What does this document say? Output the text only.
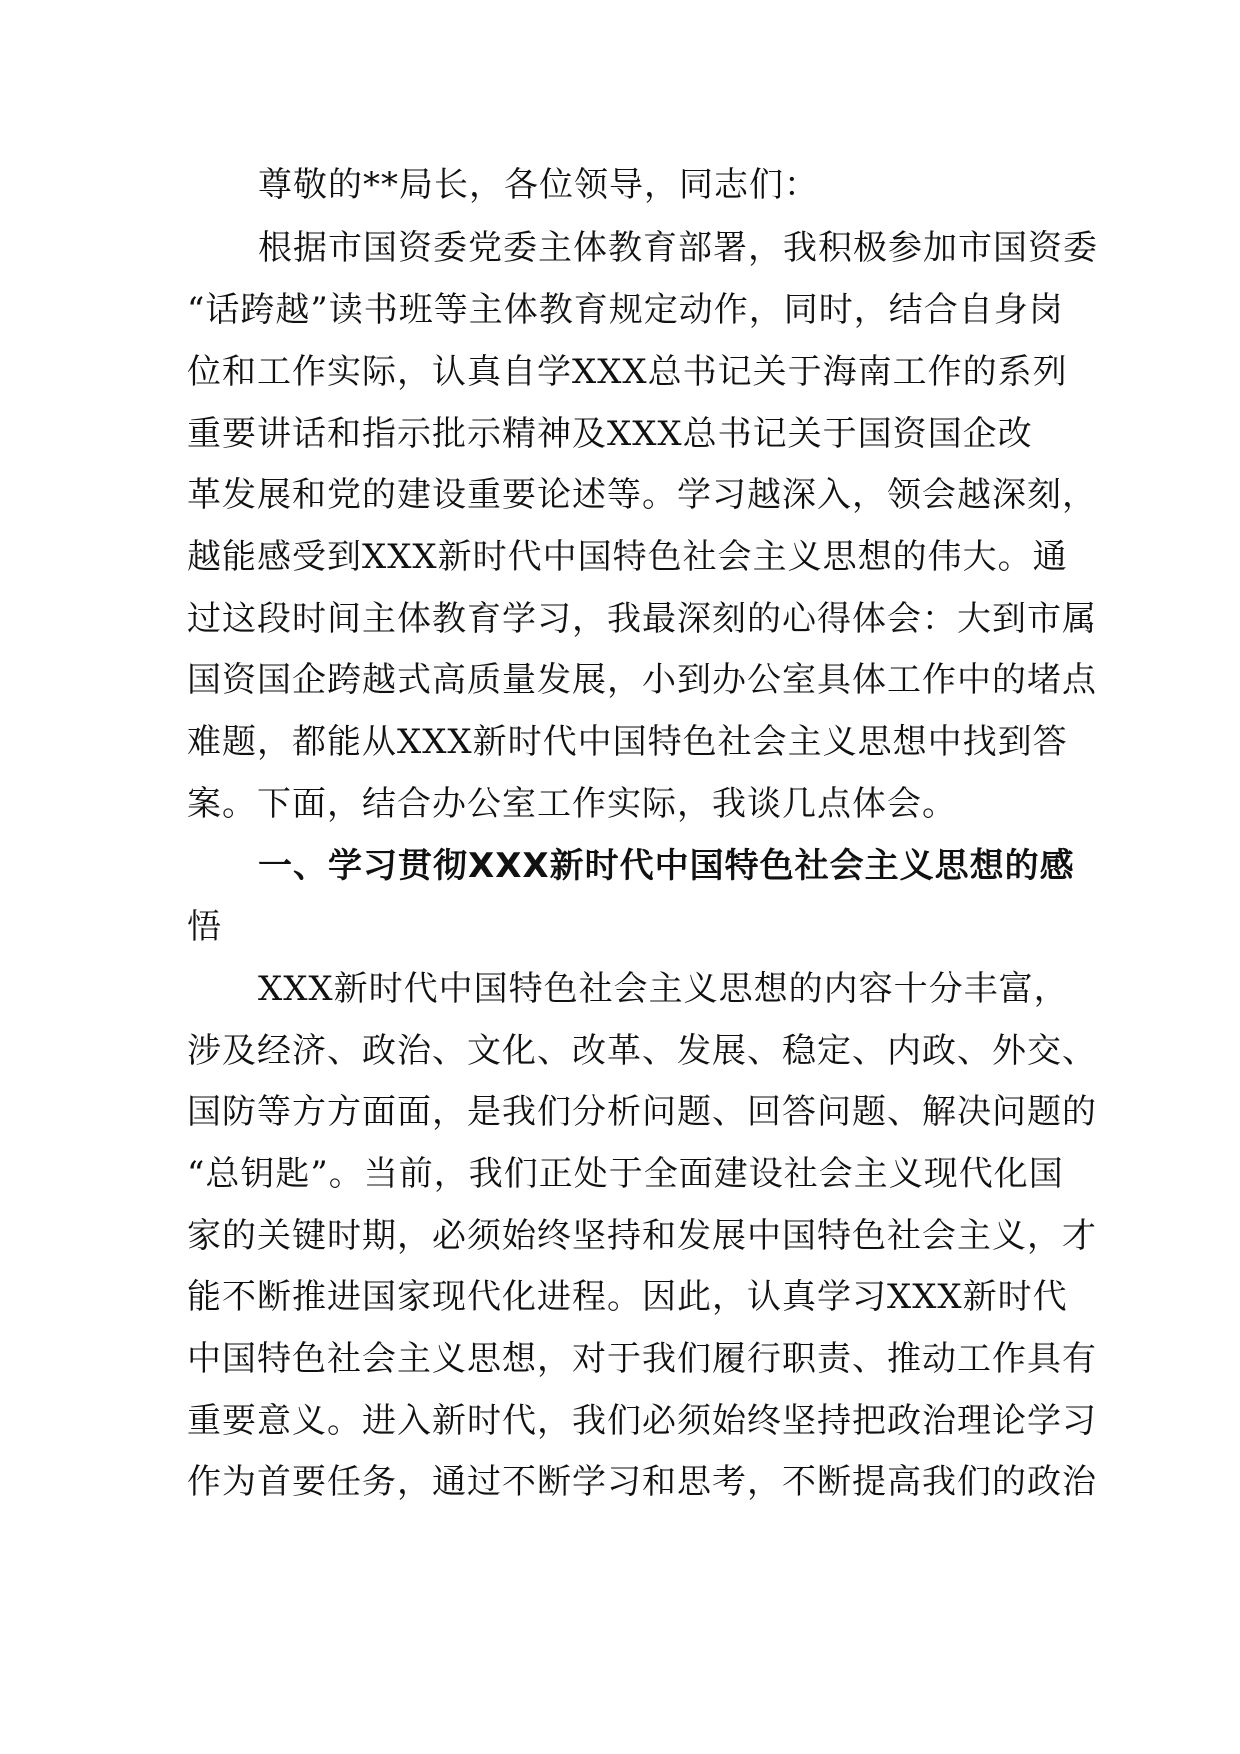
尊敬的**局长，各位领导，同志们：
根据市国资委党委主体教育部署，我积极参加市国资委
“话跨越”读书班等主体教育规定动作，同时，结合自身岗
位和工作实际，认真自学XXX总书记关于海南工作的系列
重要讲话和指示批示精神及XXX总书记关于国资国企改
革发展和党的建设重要论述等。学习越深入，领会越深刻，
越能感受到XXX新时代中国特色社会主义思想的伟大。通
过这段时间主体教育学习，我最深刻的心得体会：大到市属
国资国企跨越式高质量发展，小到办公室具体工作中的堵点
难题，都能从XXX新时代中国特色社会主义思想中找到答
案。下面，结合办公室工作实际，我谈几点体会。
一、学习贯彻XXX新时代中国特色社会主义思想的感
悟
XXX新时代中国特色社会主义思想的内容十分丰富，
涉及经济、政治、文化、改革、发展、稳定、内政、外交、
国防等方方面面，是我们分析问题、回答问题、解决问题的
“总钥匙”。当前，我们正处于全面建设社会主义现代化国
家的关键时期，必须始终坚持和发展中国特色社会主义，才
能不断推进国家现代化进程。因此，认真学习XXX新时代
中国特色社会主义思想，对于我们履行职责、推动工作具有
重要意义。进入新时代，我们必须始终坚持把政治理论学习
作为首要任务，通过不断学习和思考，不断提高我们的政治
